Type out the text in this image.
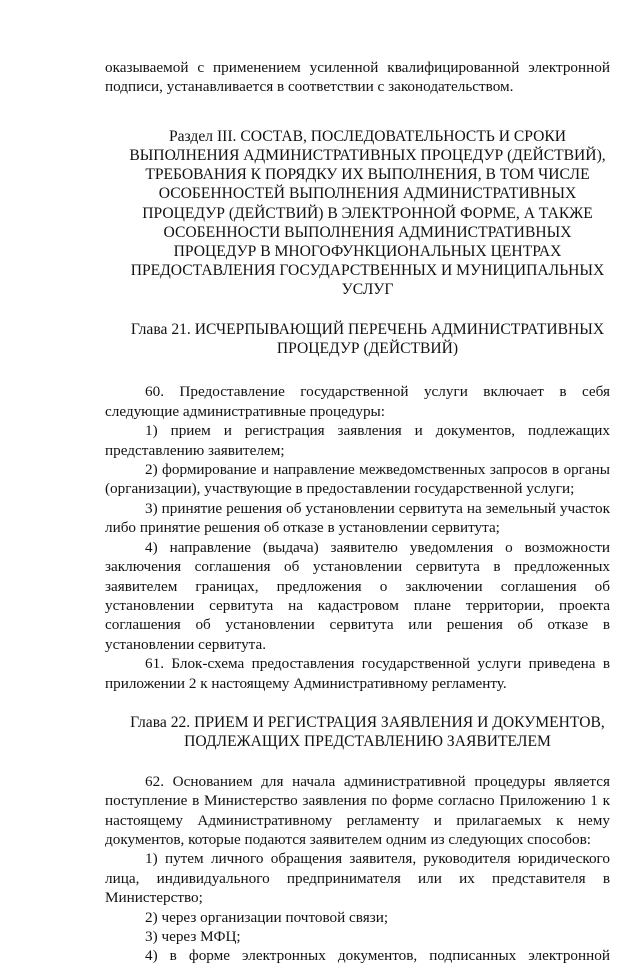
оказываемой с применением усиленной квалифицированной электронной

подписи, устанавливается в соответствии с законодательством.

Раздел III. СОСТАВ, ПОСЛЕДОВАТЕЛЬНОСТЬ И СРОКИ ВЫПОЛНЕНИЯ АДМИНИСТРАТИВНЫХ ПРОЦЕДУР (ДЕЙСТВИЙ), ТРЕБОВАНИЯ К ПОРЯДКУ ИХ ВЫПОЛНЕНИЯ, В ТОМ ЧИСЛЕ ОСОБЕННОСТЕЙ ВЫПОЛНЕНИЯ АДМИНИСТРАТИВНЫХ ПРОЦЕДУР (ДЕЙСТВИЙ) В ЭЛЕКТРОННОЙ ФОРМЕ, А ТАКЖЕ ОСОБЕННОСТИ ВЫПОЛНЕНИЯ АДМИНИСТРАТИВНЫХ ПРОЦЕДУР В МНОГОФУНКЦИОНАЛЬНЫХ ЦЕНТРАХ ПРЕДОСТАВЛЕНИЯ ГОСУДАРСТВЕННЫХ И МУНИЦИПАЛЬНЫХ УСЛУГ

Глава 21. ИСЧЕРПЫВАЮЩИЙ ПЕРЕЧЕНЬ АДМИНИСТРАТИВНЫХ ПРОЦЕДУР (ДЕЙСТВИЙ)

60. Предоставление государственной услуги включает в себя следующие административные процедуры:

1) прием и регистрация заявления и документов, подлежащих представлению заявителем;

2) формирование и направление межведомственных запросов в органы (организации), участвующие в предоставлении государственной услуги;

3) принятие решения об установлении сервитута на земельный участок либо принятие решения об отказе в установлении сервитута;

4) направление (выдача) заявителю уведомления о возможности заключения соглашения об установлении сервитута в предложенных заявителем границах, предложения о заключении соглашения об установлении сервитута на кадастровом плане территории, проекта соглашения об установлении сервитута или решения об отказе в установлении сервитута.

61. Блок-схема предоставления государственной услуги приведена в приложении 2 к настоящему Административному регламенту.

Глава 22. ПРИЕМ И РЕГИСТРАЦИЯ ЗАЯВЛЕНИЯ И ДОКУМЕНТОВ, ПОДЛЕЖАЩИХ ПРЕДСТАВЛЕНИЮ ЗАЯВИТЕЛЕМ

62. Основанием для начала административной процедуры является поступление в Министерство заявления по форме согласно Приложению 1 к настоящему Административному регламенту и прилагаемых к нему документов, которые подаются заявителем одним из следующих способов:

1) путем личного обращения заявителя, руководителя юридического лица, индивидуального предпринимателя или их представителя в Министерство;

2) через организации почтовой связи;

3) через МФЦ;

4) в форме электронных документов, подписанных электронной
